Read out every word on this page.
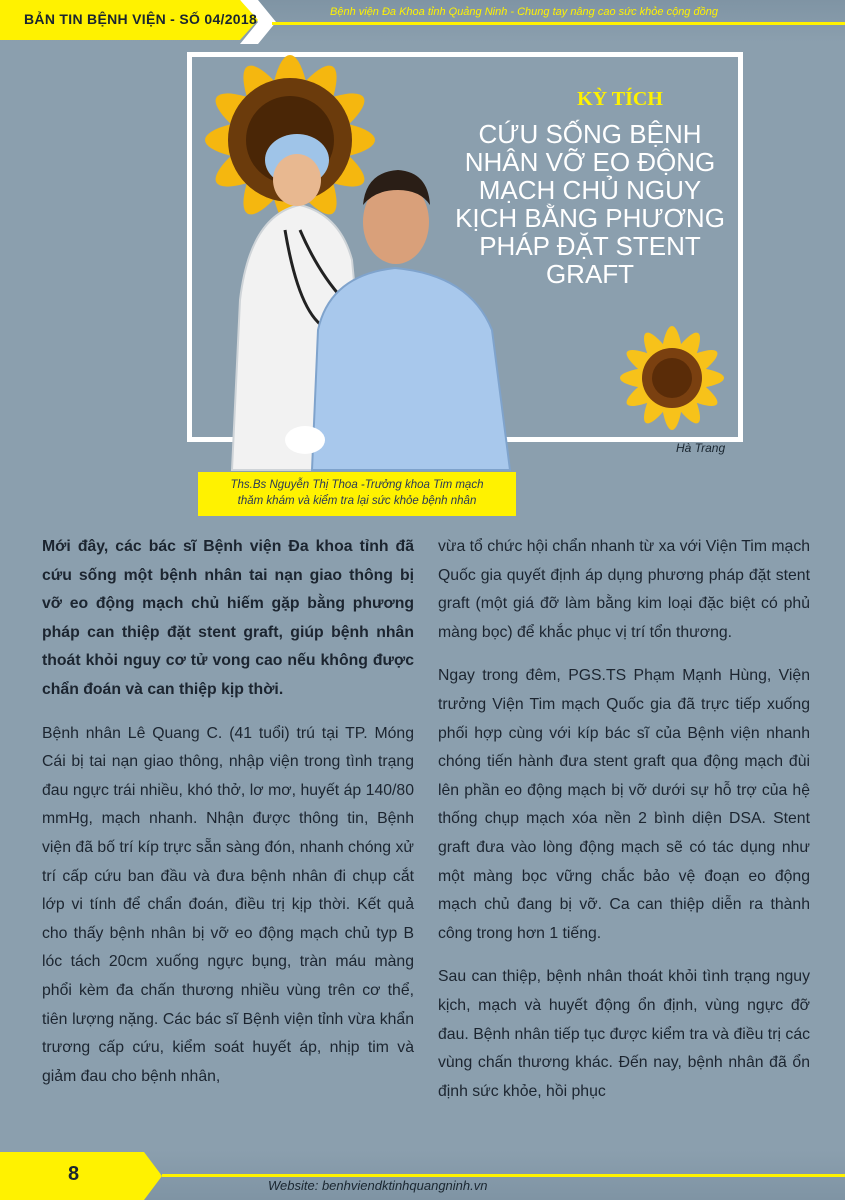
BẢN TIN BỆNH VIỆN - SỐ 04/2018	Bệnh viện Đa Khoa tỉnh Quảng Ninh - Chung tay nâng cao sức khỏe cộng đồng
KỲ TÍCH
CỨU SỐNG BỆNH NHÂN VỠ EO ĐỘNG MẠCH CHỦ NGUY KỊCH BẰNG PHƯƠNG PHÁP ĐẶT STENT GRAFT
Hà Trang
Ths.Bs Nguyễn Thị Thoa -Trưởng khoa Tim mạch
thăm khám và kiểm tra lại sức khỏe bệnh nhân

Mới đây, các bác sĩ Bệnh viện Đa khoa tỉnh đã cứu sống một bệnh nhân tai nạn giao thông bị vỡ eo động mạch chủ hiếm gặp bằng phương pháp can thiệp đặt stent graft, giúp bệnh nhân thoát khỏi nguy cơ tử vong cao nếu không được chẩn đoán và can thiệp kịp thời.

Bệnh nhân Lê Quang C. (41 tuổi) trú tại TP. Móng Cái bị tai nạn giao thông, nhập viện trong tình trạng đau ngực trái nhiều, khó thở, lơ mơ, huyết áp 140/80 mmHg, mạch nhanh. Nhận được thông tin, Bệnh viện đã bố trí kíp trực sẵn sàng đón, nhanh chóng xử trí cấp cứu ban đầu và đưa bệnh nhân đi chụp cắt lớp vi tính để chẩn đoán, điều trị kịp thời. Kết quả cho thấy bệnh nhân bị vỡ eo động mạch chủ typ B lóc tách 20cm xuống ngực bụng, tràn máu màng phổi kèm đa chấn thương nhiều vùng trên cơ thể, tiên lượng nặng. Các bác sĩ Bệnh viện tỉnh vừa khẩn trương cấp cứu, kiểm soát huyết áp, nhịp tim và giảm đau cho bệnh nhân,

vừa tổ chức hội chẩn nhanh từ xa với Viện Tim mạch Quốc gia quyết định áp dụng phương pháp đặt stent graft (một giá đỡ làm bằng kim loại đặc biệt có phủ màng bọc) để khắc phục vị trí tổn thương.

Ngay trong đêm, PGS.TS Phạm Mạnh Hùng, Viện trưởng Viện Tim mạch Quốc gia đã trực tiếp xuống phối hợp cùng với kíp bác sĩ của Bệnh viện nhanh chóng tiến hành đưa stent graft qua động mạch đùi lên phần eo động mạch bị vỡ dưới sự hỗ trợ của hệ thống chụp mạch xóa nền 2 bình diện DSA. Stent graft đưa vào lòng động mạch sẽ có tác dụng như một màng bọc vững chắc bảo vệ đoạn eo động mạch chủ đang bị vỡ. Ca can thiệp diễn ra thành công trong hơn 1 tiếng.

Sau can thiệp, bệnh nhân thoát khỏi tình trạng nguy kịch, mạch và huyết động ổn định, vùng ngực đỡ đau. Bệnh nhân tiếp tục được kiểm tra và điều trị các vùng chấn thương khác. Đến nay, bệnh nhân đã ổn định sức khỏe, hồi phục

8
Website: benhviendktinhquangninh.vn
